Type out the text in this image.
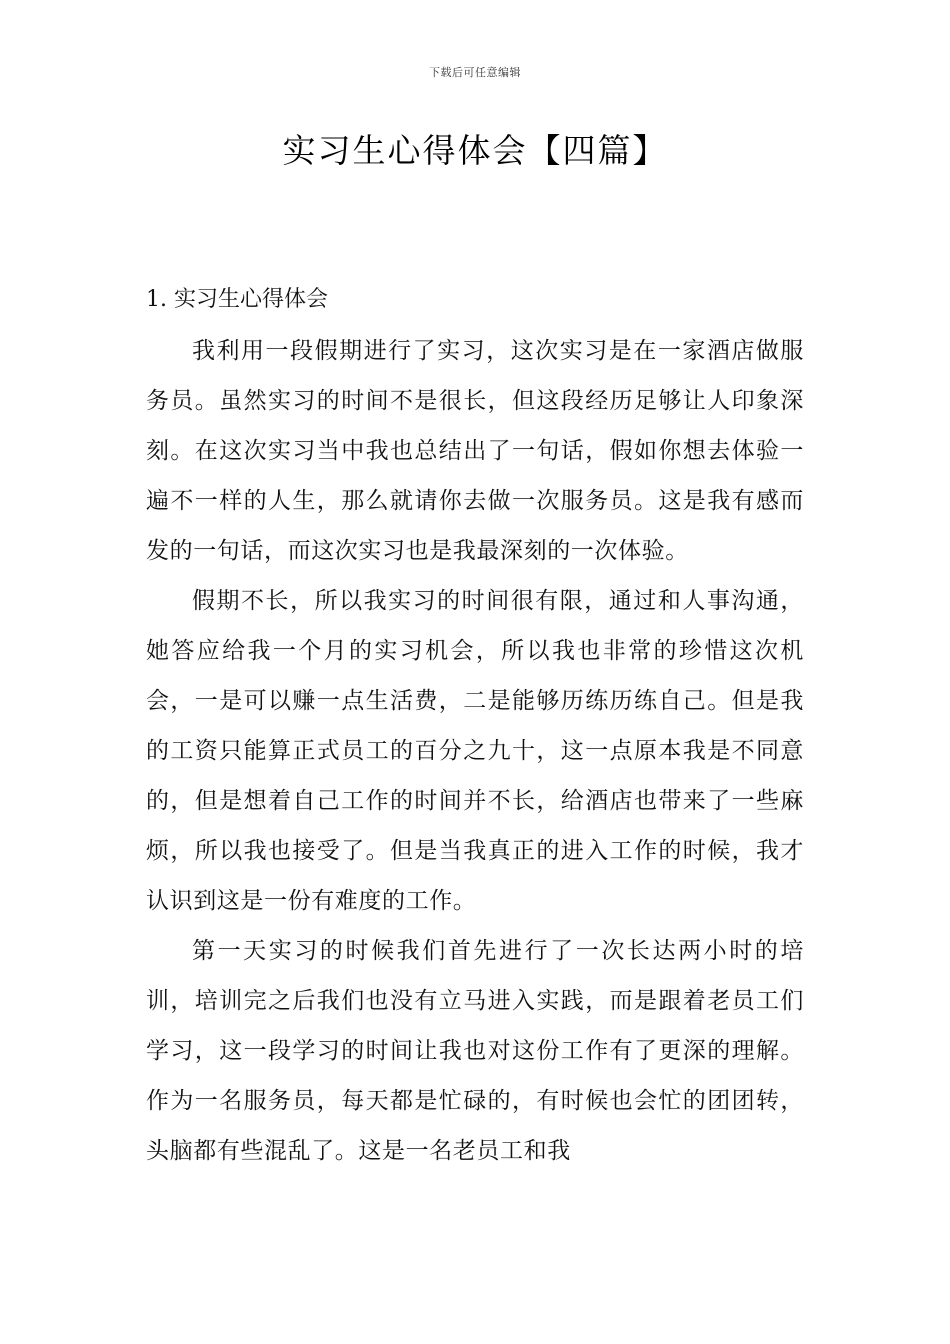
下载后可任意编辑
实习生心得体会【四篇】
1. 实习生心得体会

我利用一段假期进行了实习，这次实习是在一家酒店做服务员。虽然实习的时间不是很长，但这段经历足够让人印象深刻。在这次实习当中我也总结出了一句话，假如你想去体验一遍不一样的人生，那么就请你去做一次服务员。这是我有感而发的一句话，而这次实习也是我最深刻的一次体验。

假期不长，所以我实习的时间很有限，通过和人事沟通，她答应给我一个月的实习机会，所以我也非常的珍惜这次机会，一是可以赚一点生活费，二是能够历练历练自己。但是我的工资只能算正式员工的百分之九十，这一点原本我是不同意的，但是想着自己工作的时间并不长，给酒店也带来了一些麻烦，所以我也接受了。但是当我真正的进入工作的时候，我才认识到这是一份有难度的工作。

第一天实习的时候我们首先进行了一次长达两小时的培训，培训完之后我们也没有立马进入实践，而是跟着老员工们学习，这一段学习的时间让我也对这份工作有了更深的理解。作为一名服务员，每天都是忙碌的，有时候也会忙的团团转，头脑都有些混乱了。这是一名老员工和我
